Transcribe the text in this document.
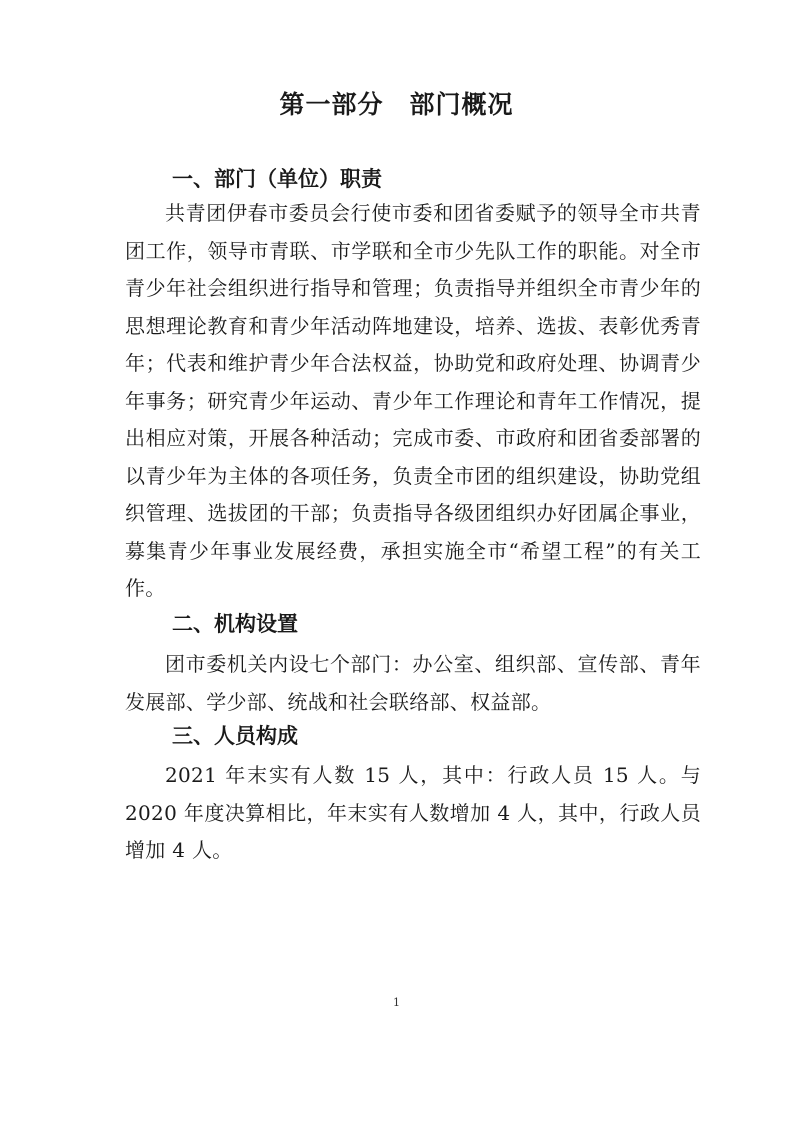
第一部分　部门概况
一、部门（单位）职责

共青团伊春市委员会行使市委和团省委赋予的领导全市共青团工作，领导市青联、市学联和全市少先队工作的职能。对全市青少年社会组织进行指导和管理；负责指导并组织全市青少年的思想理论教育和青少年活动阵地建设，培养、选拔、表彰优秀青年；代表和维护青少年合法权益，协助党和政府处理、协调青少年事务；研究青少年运动、青少年工作理论和青年工作情况，提出相应对策，开展各种活动；完成市委、市政府和团省委部署的以青少年为主体的各项任务，负责全市团的组织建设，协助党组织管理、选拔团的干部；负责指导各级团组织办好团属企事业，募集青少年事业发展经费，承担实施全市“希望工程”的有关工作。

二、机构设置

团市委机关内设七个部门：办公室、组织部、宣传部、青年发展部、学少部、统战和社会联络部、权益部。

三、人员构成

2021 年末实有人数 15 人，其中：行政人员 15 人。与 2020 年度决算相比，年末实有人数增加 4 人，其中，行政人员增加 4 人。

1
